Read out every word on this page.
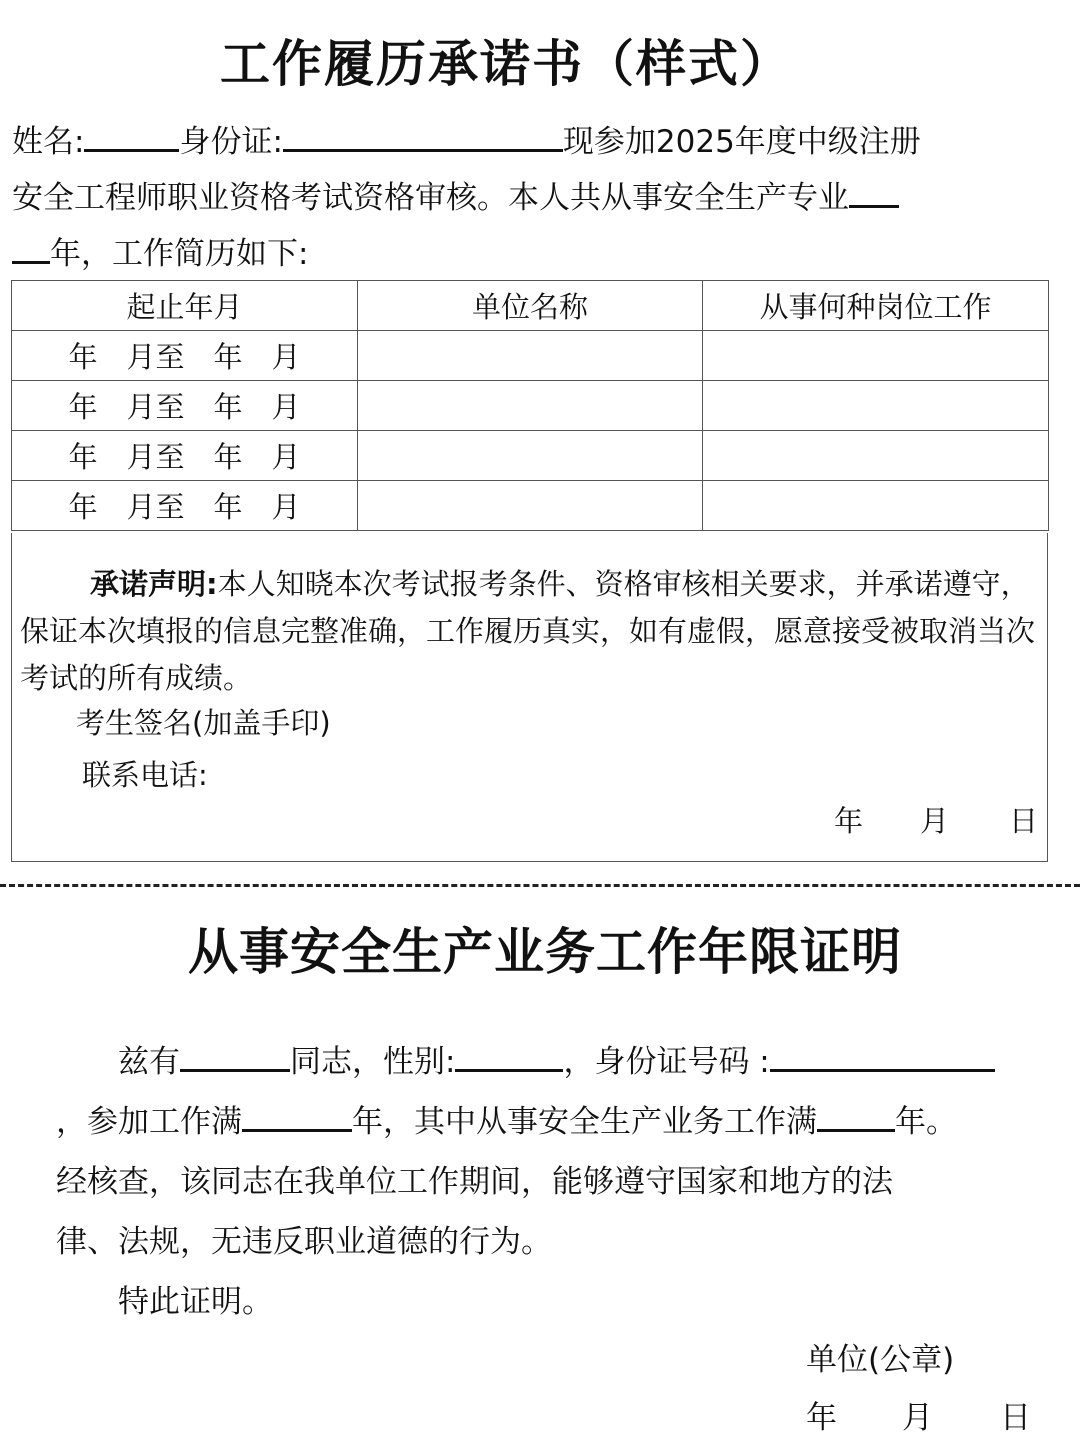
工作履历承诺书（样式）
姓名:	身份证:	现参加2025年度中级注册
安全工程师职业资格考试资格审核。本人共从事安全生产专业
年，工作简历如下:
起止年月	单位名称	从事何种岗位工作
年　月至　年　月		
年　月至　年　月		
年　月至　年　月		
年　月至　年　月		
承诺声明:本人知晓本次考试报考条件、资格审核相关要求，并承诺遵守，保证本次填报的信息完整准确，工作履历真实，如有虚假，愿意接受被取消当次考试的所有成绩。
考生签名(加盖手印)
联系电话:
年 月 日
从事安全生产业务工作年限证明
兹有	同志，性别:	，身份证号码 :
，参加工作满	年，其中从事安全生产业务工作满	年。
经核查，该同志在我单位工作期间，能够遵守国家和地方的法
律、法规，无违反职业道德的行为。
特此证明。
单位(公章)
年 月 日
